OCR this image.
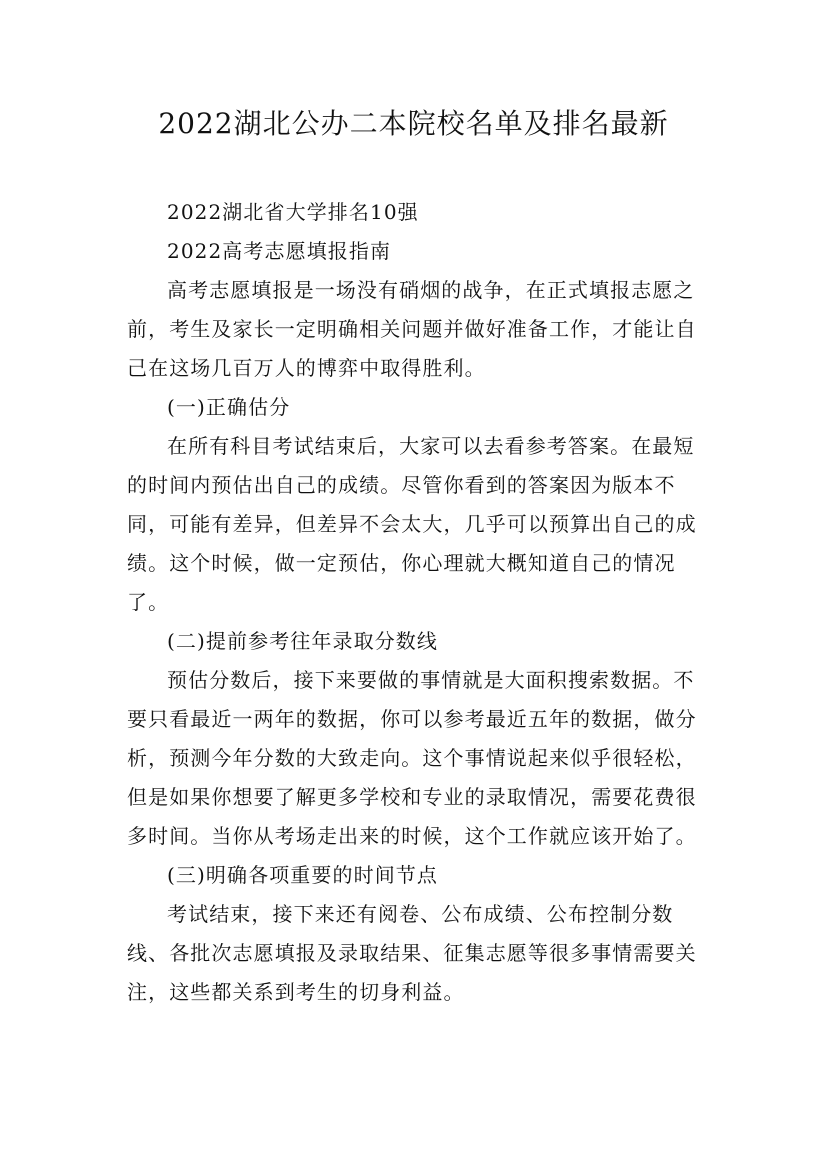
2022湖北公办二本院校名单及排名最新

2022湖北省大学排名10强

2022高考志愿填报指南

高考志愿填报是一场没有硝烟的战争，在正式填报志愿之前，考生及家长一定明确相关问题并做好准备工作，才能让自己在这场几百万人的博弈中取得胜利。

(一)正确估分

在所有科目考试结束后，大家可以去看参考答案。在最短的时间内预估出自己的成绩。尽管你看到的答案因为版本不同，可能有差异，但差异不会太大，几乎可以预算出自己的成绩。这个时候，做一定预估，你心理就大概知道自己的情况了。

(二)提前参考往年录取分数线

预估分数后，接下来要做的事情就是大面积搜索数据。不要只看最近一两年的数据，你可以参考最近五年的数据，做分析，预测今年分数的大致走向。这个事情说起来似乎很轻松，但是如果你想要了解更多学校和专业的录取情况，需要花费很多时间。当你从考场走出来的时候，这个工作就应该开始了。

(三)明确各项重要的时间节点

考试结束，接下来还有阅卷、公布成绩、公布控制分数线、各批次志愿填报及录取结果、征集志愿等很多事情需要关注，这些都关系到考生的切身利益。
